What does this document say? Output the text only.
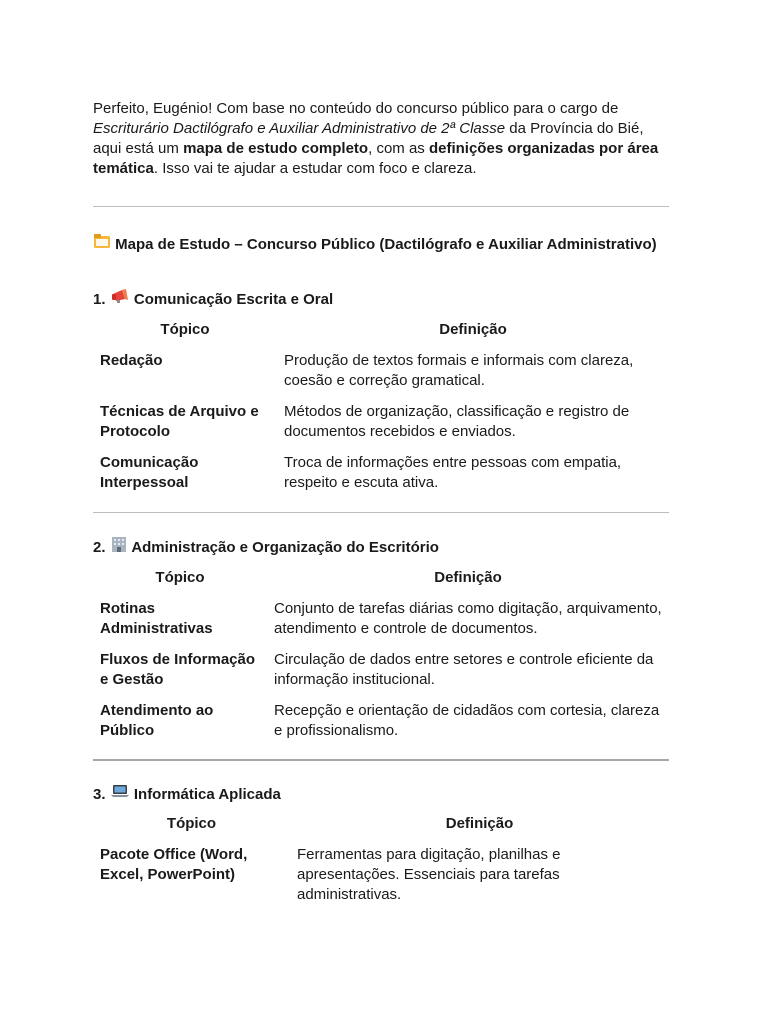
Perfeito, Eugénio! Com base no conteúdo do concurso público para o cargo de Escriturário Dactilógrafo e Auxiliar Administrativo de 2ª Classe da Província do Bié, aqui está um mapa de estudo completo, com as definições organizadas por área temática. Isso vai te ajudar a estudar com foco e clareza.

Mapa de Estudo – Concurso Público (Dactilógrafo e Auxiliar Administrativo)

1. Comunicação Escrita e Oral

Tópico	Definição
Redação	Produção de textos formais e informais com clareza, coesão e correção gramatical.
Técnicas de Arquivo e Protocolo	Métodos de organização, classificação e registro de documentos recebidos e enviados.
Comunicação Interpessoal	Troca de informações entre pessoas com empatia, respeito e escuta ativa.

2. Administração e Organização do Escritório

Tópico	Definição
Rotinas Administrativas	Conjunto de tarefas diárias como digitação, arquivamento, atendimento e controle de documentos.
Fluxos de Informação e Gestão	Circulação de dados entre setores e controle eficiente da informação institucional.
Atendimento ao Público	Recepção e orientação de cidadãos com cortesia, clareza e profissionalismo.

3. Informática Aplicada

Tópico	Definição
Pacote Office (Word, Excel, PowerPoint)	Ferramentas para digitação, planilhas e apresentações. Essenciais para tarefas administrativas.
